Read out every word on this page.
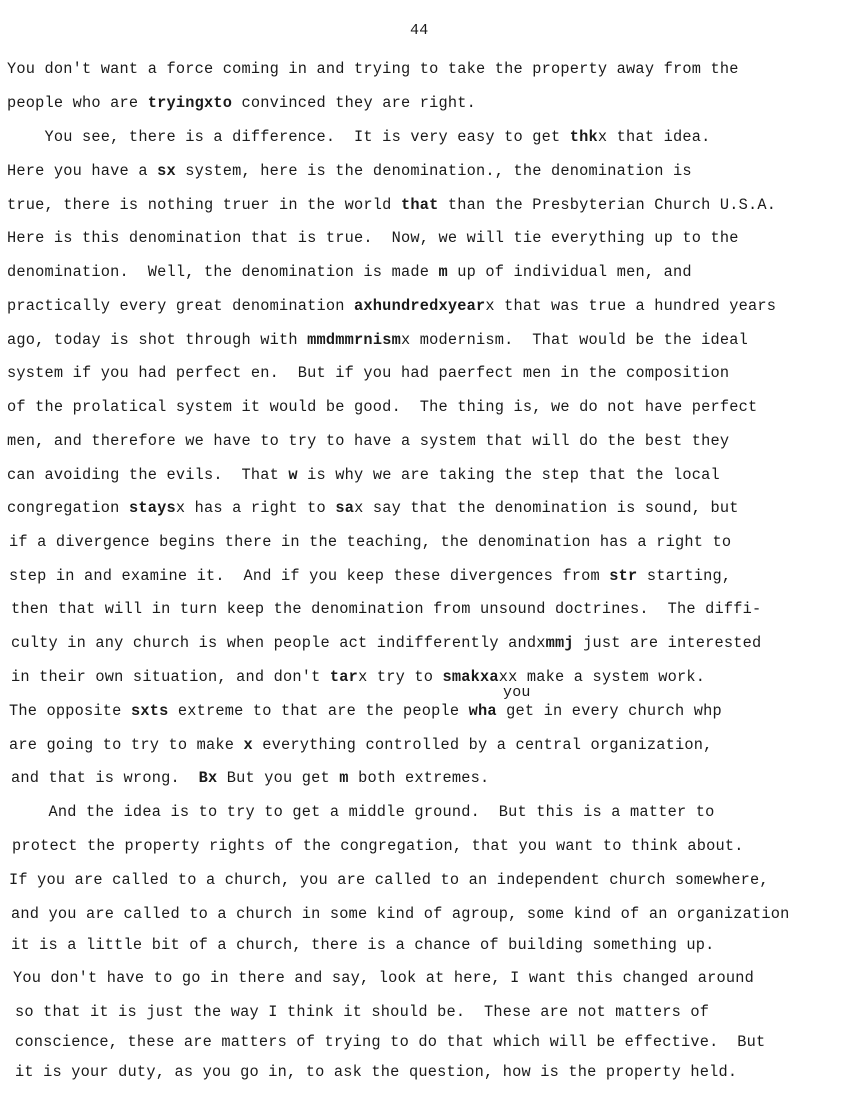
44
You don't want a force coming in and trying to take the property away from the
people who are tryingxto convinced they are right.
You see, there is a difference.  It is very easy to get thkx that idea.
Here you have a sx system, here is the denomination., the denomination is
true, there is nothing truer in the world that than the Presbyterian Church U.S.A.
Here is this denomination that is true.  Now, we will tie everything up to the
denomination.  Well, the denomination is made m up of individual men, and
practically every great denomination axhundredxyearx that was true a hundred years
ago, today is shot through with mmdmmrnismx modernism.  That would be the ideal
system if you had perfect en.  But if you had paerfect men in the composition
of the prolatical system it would be good.  The thing is, we do not have perfect
men, and therefore we have to try to have a system that will do the best they
can avoiding the evils.  That w is why we are taking the step that the local
congregation staysx has a right to sax say that the denomination is sound, but
if a divergence begins there in the teaching, the denomination has a right to
step in and examine it.  And if you keep these divergences from str starting,
then that will in turn keep the denomination from unsound doctrines.  The diffi-
culty in any church is when people act indifferently andxmmj just are interested
in their own situation, and don't tarx try to smakxaxx make a system work.
The opposite sxts extreme to that are the people wha get in every church whp
are going to try to make x everything controlled by a central organization,
and that is wrong.  Bx But you get m both extremes.
And the idea is to try to get a middle ground.  But this is a matter to
protect the property rights of the congregation, that you want to think about.
If you are called to a church, you are called to an independent church somewhere,
and you are called to a church in some kind of agroup, some kind of an organization
it is a little bit of a church, there is a chance of building something up.
You don't have to go in there and say, look at here, I want this changed around
so that it is just the way I think it should be.  These are not matters of
conscience, these are matters of trying to do that which will be effective.  But
it is your duty, as you go in, to ask the question, how is the property held.
you
